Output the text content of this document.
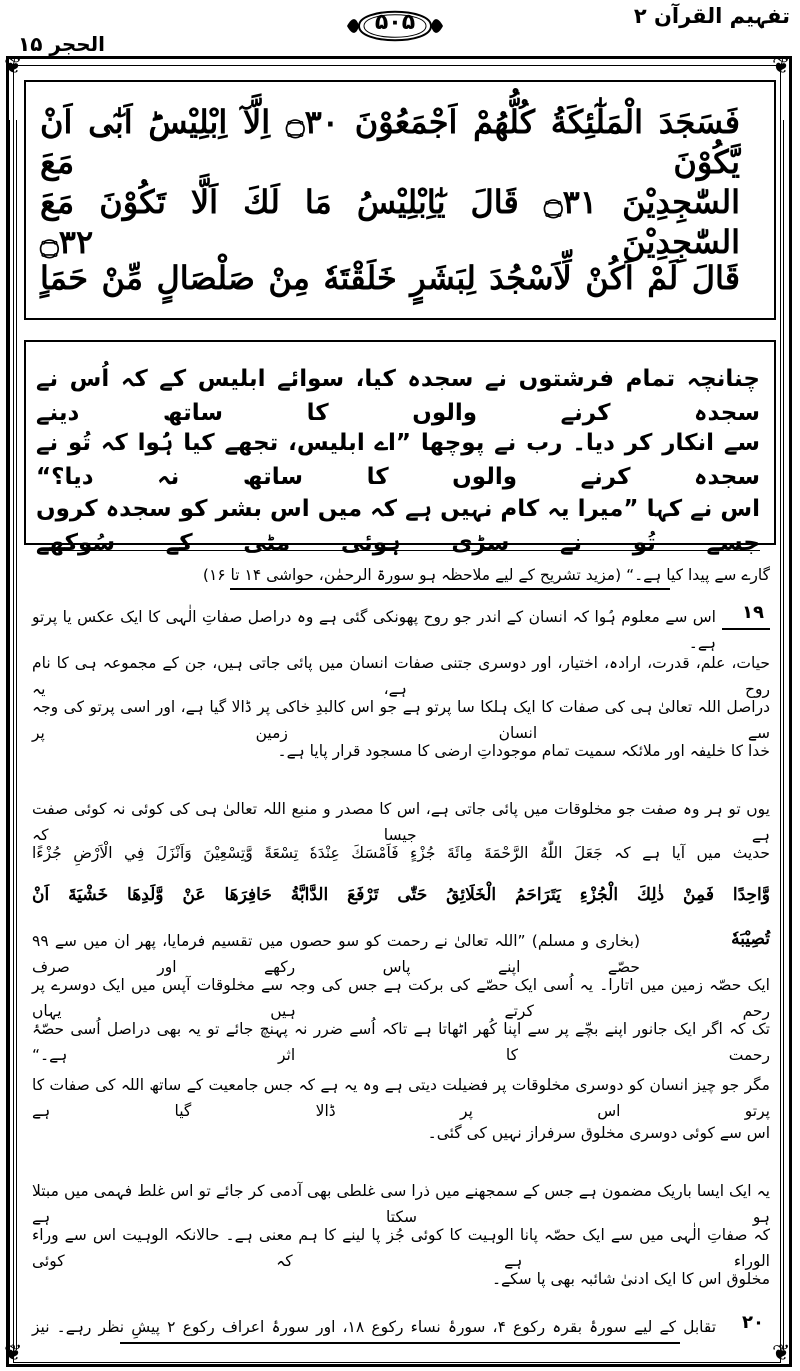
تفہیم القرآن ۲
۵۰۵
الحجر ۱۵
❦	❦
❦	❦
فَسَجَدَ الْمَلٰٓئِكَةُ كُلُّهُمْ اَجْمَعُوْنَ ۝۳۰ اِلَّآ اِبْلِيْسَؕ اَبٰٓى اَنْ يَّكُوْنَ مَعَ
السّٰجِدِيْنَ ۝۳۱ قَالَ يٰٓاِبْلِيْسُ مَا لَكَ اَلَّا تَكُوْنَ مَعَ السّٰجِدِيْنَ ۝۳۲
قَالَ لَمْ اَكُنْ لِّاَسْجُدَ لِبَشَرٍ خَلَقْتَهٗ مِنْ صَلْصَالٍ مِّنْ حَمَاٍ
چنانچہ تمام فرشتوں نے سجدہ کیا، سوائے ابلیس کے کہ اُس نے سجدہ کرنے والوں کا ساتھ دینے
سے انکار کر دیا۔ رب نے پوچھا ”اے ابلیس، تجھے کیا ہُوا کہ تُو نے سجدہ کرنے والوں کا ساتھ نہ دیا؟“
اس نے کہا ”میرا یہ کام نہیں ہے کہ میں اس بشر کو سجدہ کروں جسے تُو نے سڑی ہوئی مٹی کے سُوکھے
گارے سے پیدا کیا ہے۔“ (مزید تشریح کے لیے ملاحظہ ہو سورۃ الرحمٰن، حواشی ۱۴ تا ۱۶)
۱۹
اس سے معلوم ہُوا کہ انسان کے اندر جو روح پھونکی گئی ہے وہ دراصل صفاتِ الٰہی کا ایک عکس یا پرتو ہے۔
حیات، علم، قدرت، ارادہ، اختیار، اور دوسری جتنی صفات انسان میں پائی جاتی ہیں، جن کے مجموعہ ہی کا نام روح ہے، یہ
دراصل اللہ تعالیٰ ہی کی صفات کا ایک ہلکا سا پرتو ہے جو اس کالبدِ خاکی پر ڈالا گیا ہے، اور اسی پرتو کی وجہ سے انسان زمین پر
خدا کا خلیفہ اور ملائکہ سمیت تمام موجوداتِ ارضی کا مسجود قرار پایا ہے۔
یوں تو ہر وہ صفت جو مخلوقات میں پائی جاتی ہے، اس کا مصدر و منبع اللہ تعالیٰ ہی کی کوئی نہ کوئی صفت ہے جیسا کہ
حدیث میں آیا ہے کہ جَعَلَ اللّٰهُ الرَّحْمَةَ مِائَةَ جُزْءٍ فَاَمْسَكَ عِنْدَهٗ تِسْعَةً وَّتِسْعِيْنَ وَاَنْزَلَ فِي الْاَرْضِ جُزْءًا
وَّاحِدًا فَمِنْ ذٰلِكَ الْجُزْءِ يَتَرَاحَمُ الْخَلَائِقُ حَتّٰى تَرْفَعَ الدَّابَّةُ حَافِرَهَا عَنْ وَّلَدِهَا خَشْيَةَ اَنْ
تُصِيْبَهٗ
(بخاری و مسلم) ”اللہ تعالیٰ نے رحمت کو سو حصوں میں تقسیم فرمایا، پھر ان میں سے ۹۹ حصّے اپنے پاس رکھے اور صرف
ایک حصّہ زمین میں اتارا۔ یہ اُسی ایک حصّے کی برکت ہے جس کی وجہ سے مخلوقات آپس میں ایک دوسرے پر رحم کرتے ہیں یہاں
تک کہ اگر ایک جانور اپنے بچّے پر سے اپنا کُھر اٹھاتا ہے تاکہ اُسے ضرر نہ پہنچ جائے تو یہ بھی دراصل اُسی حصّۂ رحمت کا اثر ہے۔“
مگر جو چیز انسان کو دوسری مخلوقات پر فضیلت دیتی ہے وہ یہ ہے کہ جس جامعیت کے ساتھ اللہ کی صفات کا پرتو اس پر ڈالا گیا ہے
اس سے کوئی دوسری مخلوق سرفراز نہیں کی گئی۔
یہ ایک ایسا باریک مضمون ہے جس کے سمجھنے میں ذرا سی غلطی بھی آدمی کر جائے تو اس غلط فہمی میں مبتلا ہو سکتا ہے
کہ صفاتِ الٰہی میں سے ایک حصّہ پانا الوہیت کا کوئی جُز پا لینے کا ہم معنی ہے۔ حالانکہ الوہیت اس سے وراء الوراء ہے کہ کوئی
مخلوق اس کا ایک ادنیٰ شائبہ بھی پا سکے۔
۲۰
تقابل کے لیے سورۂ بقرہ رکوع ۴، سورۂ نساء رکوع ۱۸، اور سورۂ اعراف رکوع ۲ پیشِ نظر رہے۔ نیز
